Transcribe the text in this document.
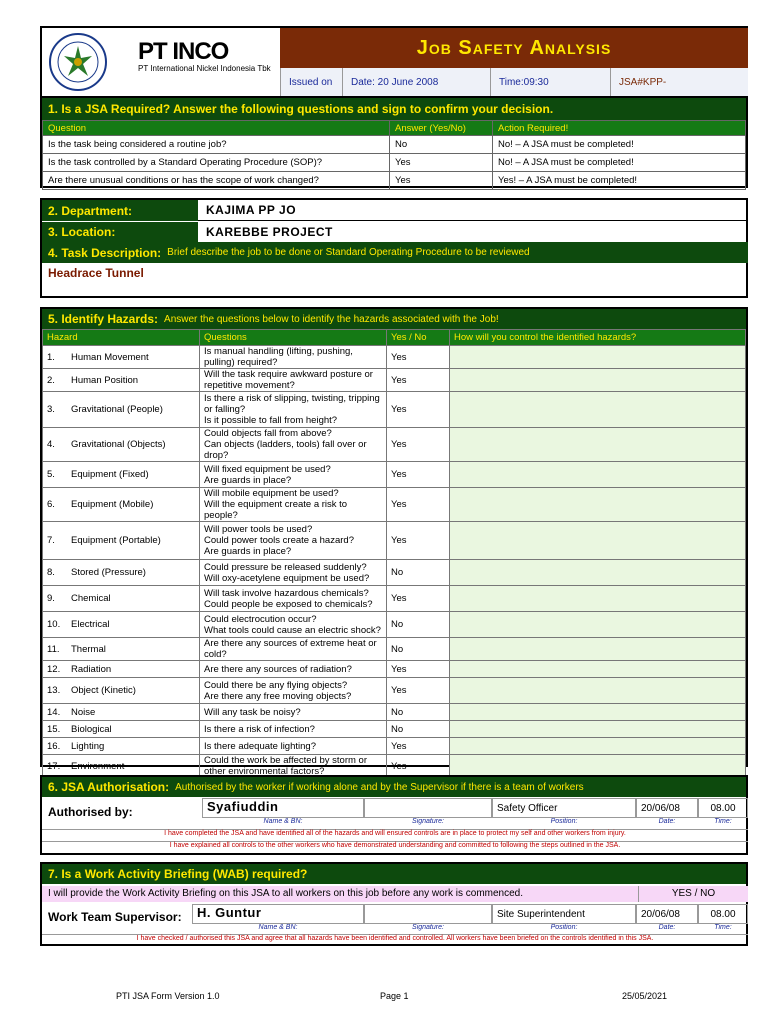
PT INCO
PT International Nickel Indonesia Tbk
Job Safety Analysis
Issued on	Date: 20 June 2008	Time:09:30	JSA#KPP-
1. Is a JSA Required? Answer the following questions and sign to confirm your decision.
Question	Answer (Yes/No)	Action Required!
Is the task being considered a routine job?	No	No! – A JSA must be completed!
Is the task controlled by a Standard Operating Procedure (SOP)?	Yes	No! – A JSA must be completed!
Are there unusual conditions or has the scope of work changed?	Yes	Yes! – A JSA must be completed!
2. Department:	KAJIMA PP JO
3. Location:	KAREBBE PROJECT
4. Task Description: Brief describe the job to be done or Standard Operating Procedure to be reviewed
Headrace Tunnel
5. Identify Hazards: Answer the questions below to identify the hazards associated with the Job!
Hazard	Questions	Yes / No	How will you control the identified hazards?
1. Human Movement	Is manual handling (lifting, pushing, pulling) required?	Yes	
2. Human Position	Will the task require awkward posture or repetitive movement?	Yes	
3. Gravitational (People)	Is there a risk of slipping, twisting, tripping or falling?
Is it possible to fall from height?	Yes	
4. Gravitational (Objects)	Could objects fall from above?
Can objects (ladders, tools) fall over or drop?	Yes	
5. Equipment (Fixed)	Will fixed equipment be used?
Are guards in place?	Yes	
6. Equipment (Mobile)	Will mobile equipment be used?
Will the equipment create a risk to people?	Yes	
7. Equipment (Portable)	Will power tools be used?
Could power tools create a hazard?
Are guards in place?	Yes	
8. Stored (Pressure)	Could pressure be released suddenly?
Will oxy-acetylene equipment be used?	No	
9. Chemical	Will task involve hazardous chemicals?
Could people be exposed to chemicals?	Yes	
10. Electrical	Could electrocution occur?
What tools could cause an electric shock?	No	
11. Thermal	Are there any sources of extreme heat or cold?	No	
12. Radiation	Are there any sources of radiation?	Yes	
13. Object (Kinetic)	Could there be any flying objects?
Are there any free moving objects?	Yes	
14. Noise	Will any task be noisy?	No	
15. Biological	Is there a risk of infection?	No	
16. Lighting	Is there adequate lighting?	Yes	
17. Environment	Could the work be affected by storm or other environmental factors?	Yes	
6. JSA Authorisation: Authorised by the worker if working alone and by the Supervisor if there is a team of workers
Authorised by:	Syafiuddin	Safety Officer	20/06/08	08.00
Name & BN:	Signature:	Position:	Date:	Time:
I have completed the JSA and have identified all of the hazards and will ensured controls are in place to protect my self and other workers from injury.
I have explained all controls to the other workers who have demonstrated understanding and committed to following the steps outlined in the JSA.
7. Is a Work Activity Briefing (WAB) required?
I will provide the Work Activity Briefing on this JSA to all workers on this job before any work is commenced.	YES / NO
Work Team Supervisor:	H. Guntur	Site Superintendent	20/06/08	08.00
Name & BN:	Signature:	Position:	Date:	Time:
I have checked / authorised this JSA and agree that all hazards have been identified and controlled. All workers have been briefed on the controls identified in this JSA.
PTI JSA Form Version 1.0	Page 1	25/05/2021
